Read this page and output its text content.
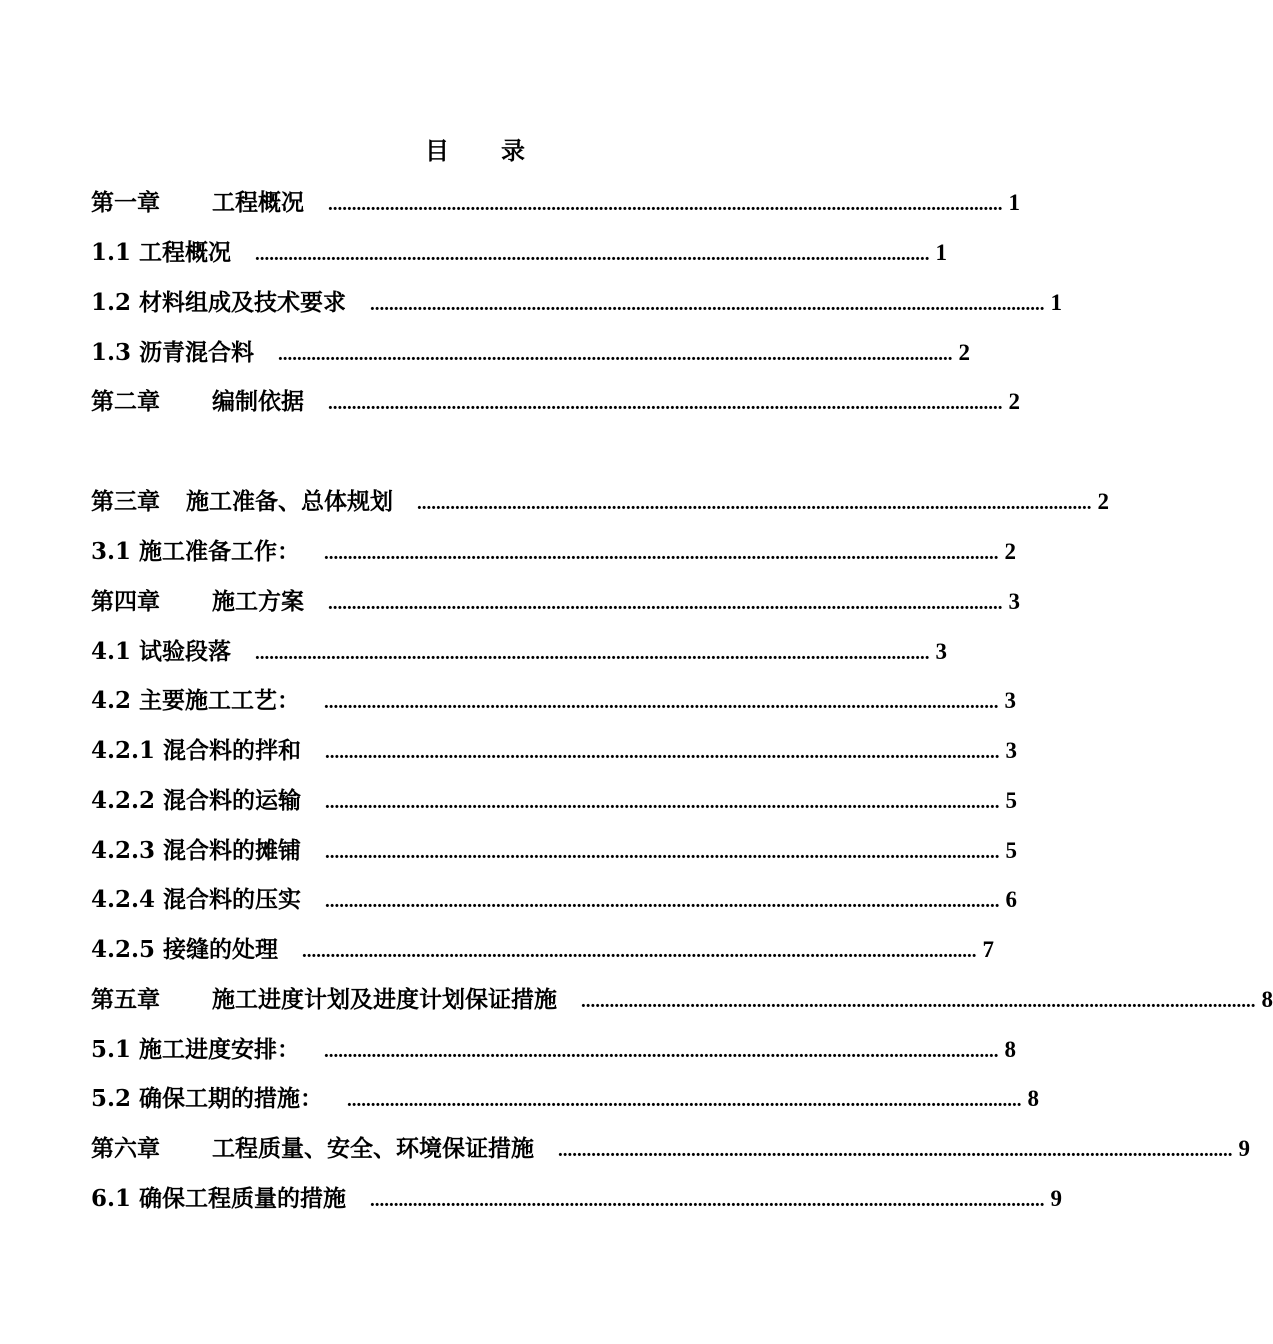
目 录
第一章 工程概况 .............................................................................................................................................. 1
1.1 工程概况 .............................................................................................................................................. 1
1.2 材料组成及技术要求 .............................................................................................................................................. 1
1.3 沥青混合料 .............................................................................................................................................. 2
第二章 编制依据 .............................................................................................................................................. 2
第三章 施工准备、总体规划 .............................................................................................................................................. 2
3.1 施工准备工作： .............................................................................................................................................. 2
第四章 施工方案 .............................................................................................................................................. 3
4.1 试验段落 .............................................................................................................................................. 3
4.2 主要施工工艺： .............................................................................................................................................. 3
4.2.1 混合料的拌和 .............................................................................................................................................. 3
4.2.2 混合料的运输 .............................................................................................................................................. 5
4.2.3 混合料的摊铺 .............................................................................................................................................. 5
4.2.4 混合料的压实 .............................................................................................................................................. 6
4.2.5 接缝的处理 .............................................................................................................................................. 7
第五章 施工进度计划及进度计划保证措施 .............................................................................................................................................. 8
5.1 施工进度安排： .............................................................................................................................................. 8
5.2 确保工期的措施： .............................................................................................................................................. 8
第六章 工程质量、安全、环境保证措施 .............................................................................................................................................. 9
6.1 确保工程质量的措施 .............................................................................................................................................. 9
